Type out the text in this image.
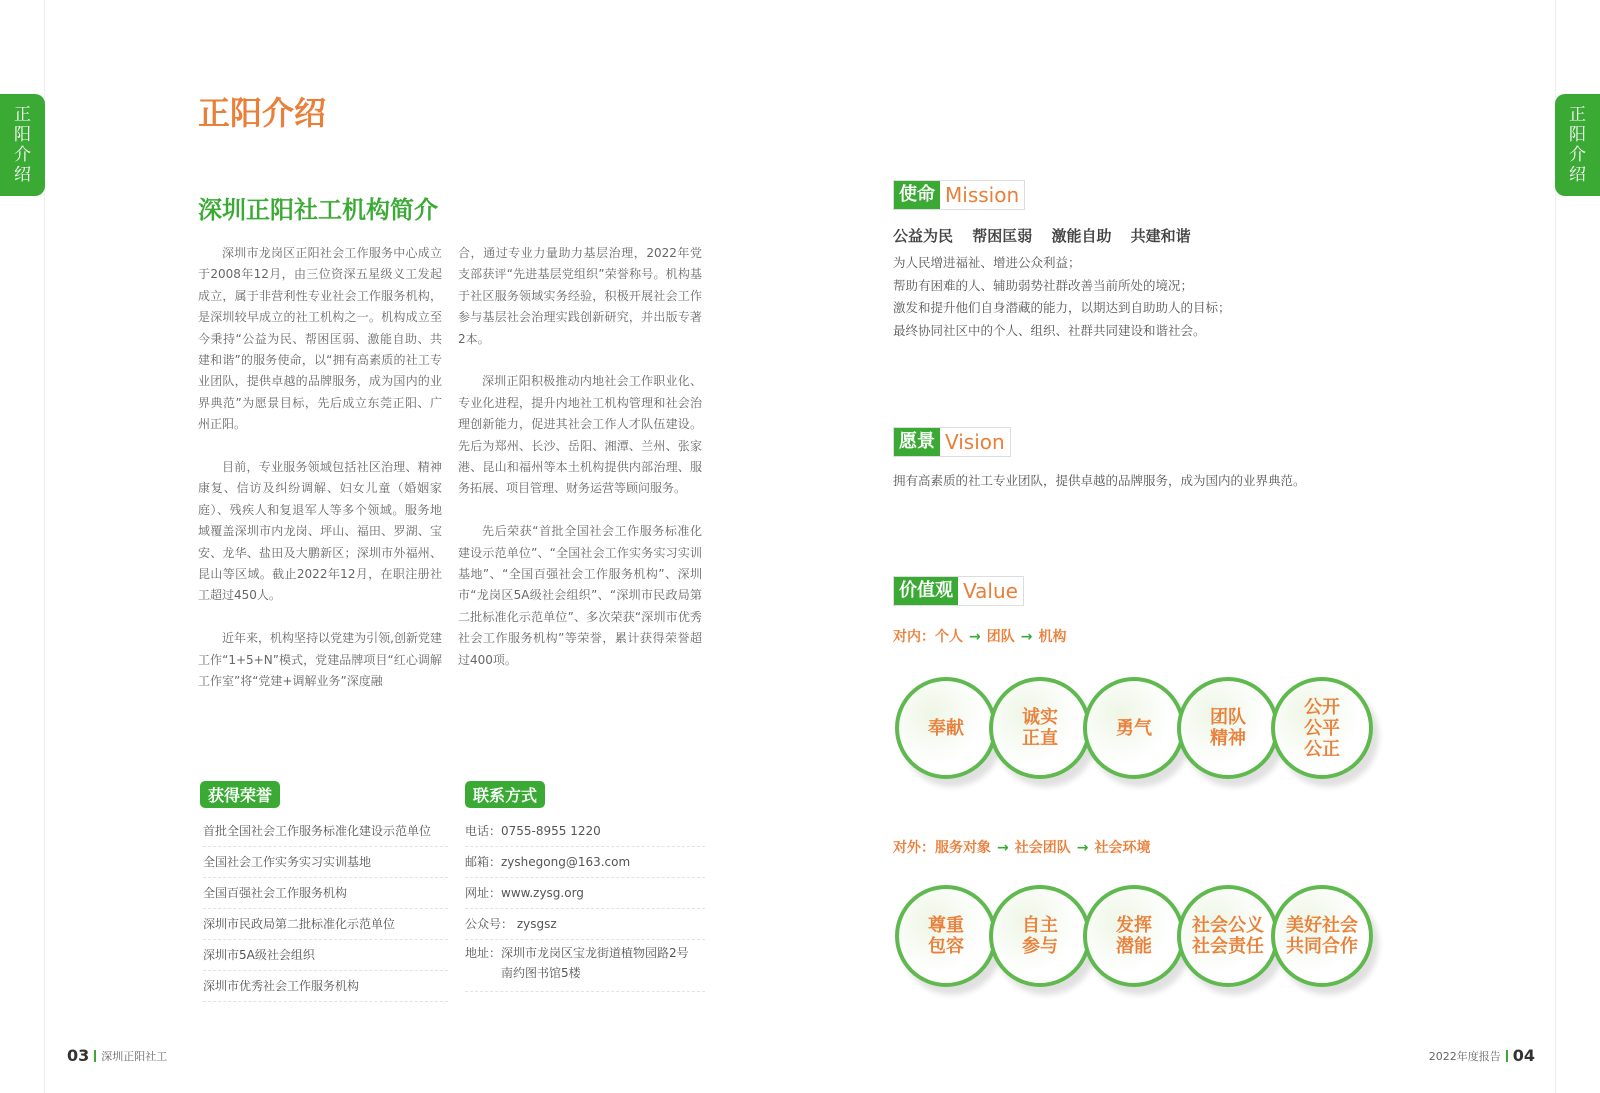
正
阳
介
绍
正
阳
介
绍
正阳介绍
深圳正阳社工机构简介

深圳市龙岗区正阳社会工作服务中心成立于2008年12月，由三位资深五星级义工发起成立，属于非营利性专业社会工作服务机构，是深圳较早成立的社工机构之一。机构成立至今秉持“公益为民、帮困匡弱、激能自助、共建和谐”的服务使命，以“拥有高素质的社工专业团队，提供卓越的品牌服务，成为国内的业界典范”为愿景目标，先后成立东莞正阳、广州正阳。

目前，专业服务领域包括社区治理、精神康复、信访及纠纷调解、妇女儿童（婚姻家庭）、残疾人和复退军人等多个领域。服务地域覆盖深圳市内龙岗、坪山、福田、罗湖、宝安、龙华、盐田及大鹏新区；深圳市外福州、昆山等区域。截止2022年12月，在职注册社工超过450人。

近年来，机构坚持以党建为引领,创新党建工作“1+5+N”模式，党建品牌项目“红心调解工作室”将“党建+调解业务”深度融

合，通过专业力量助力基层治理，2022年党支部获评“先进基层党组织”荣誉称号。机构基于社区服务领域实务经验，积极开展社会工作参与基层社会治理实践创新研究，并出版专著2本。

深圳正阳积极推动内地社会工作职业化、专业化进程，提升内地社工机构管理和社会治理创新能力，促进其社会工作人才队伍建设。先后为郑州、长沙、岳阳、湘潭、兰州、张家港、昆山和福州等本土机构提供内部治理、服务拓展、项目管理、财务运营等顾问服务。

先后荣获“首批全国社会工作服务标准化建设示范单位”、“全国社会工作实务实习实训基地”、“全国百强社会工作服务机构”、深圳市“龙岗区5A级社会组织”、“深圳市民政局第二批标准化示范单位”、多次荣获“深圳市优秀社会工作服务机构”等荣誉，累计获得荣誉超过400项。

获得荣誉
首批全国社会工作服务标准化建设示范单位
全国社会工作实务实习实训基地
全国百强社会工作服务机构
深圳市民政局第二批标准化示范单位
深圳市5A级社会组织
深圳市优秀社会工作服务机构
联系方式
电话：0755-8955 1220
邮箱：zyshegong@163.com
网址：www.zysg.org
公众号： zysgsz
地址： 深圳市龙岗区宝龙街道植物园路2号
南约图书馆5楼
使命 Mission
公益为民 帮困匡弱 激能自助 共建和谐
为人民增进福祉、增进公众利益；
帮助有困难的人、辅助弱势社群改善当前所处的境况；
激发和提升他们自身潜藏的能力，以期达到自助助人的目标；
最终协同社区中的个人、组织、社群共同建设和谐社会。
愿景 Vision
拥有高素质的社工专业团队，提供卓越的品牌服务，成为国内的业界典范。
价值观 Value
对内：个人 → 团队 → 机构
奉献	诚实
正直	勇气	团队
精神
公开
公平
公正
对外：服务对象 → 社会团队 → 社会环境
尊重
包容
自主
参与
发挥
潜能
社会公义
社会责任
美好社会
共同合作
03 深圳正阳社工	2022年度报告 04
